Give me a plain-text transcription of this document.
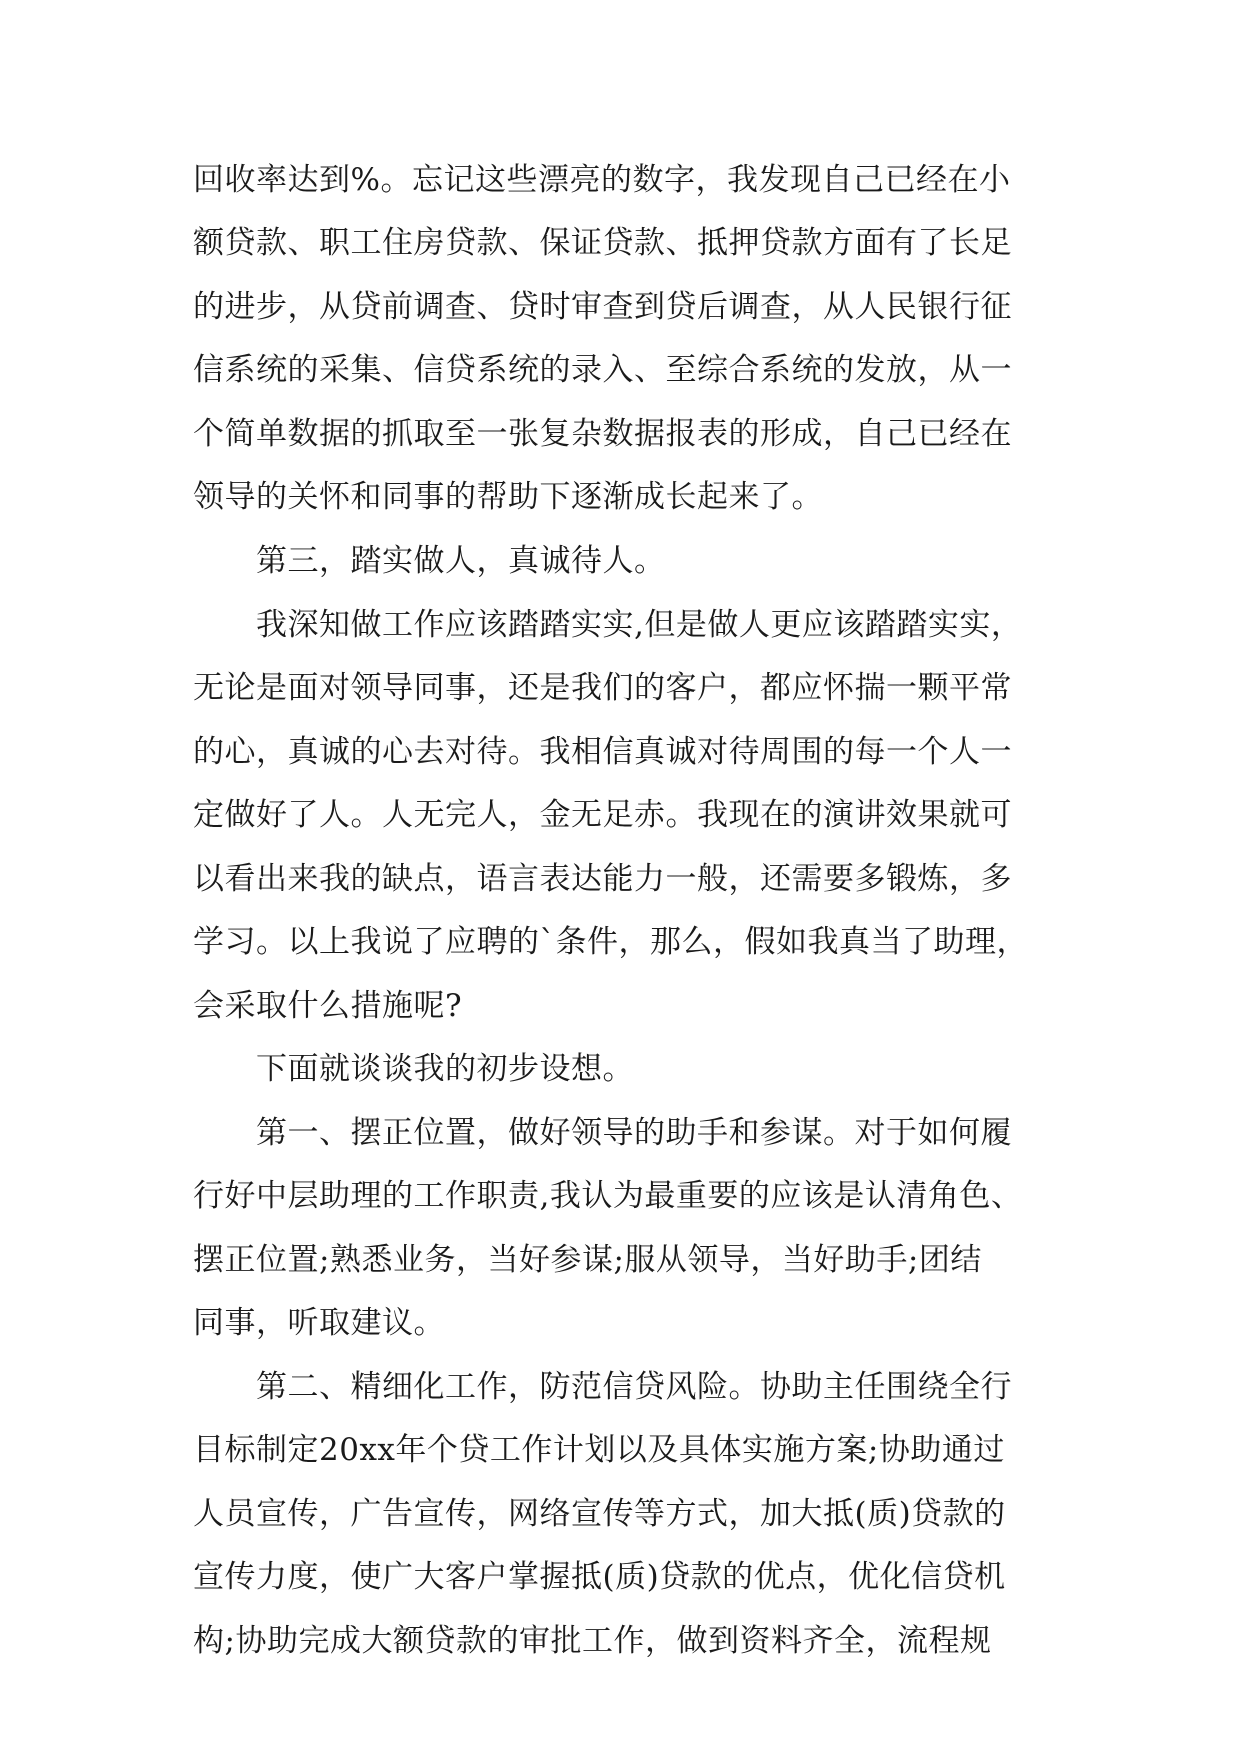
回收率达到%。忘记这些漂亮的数字，我发现自己已经在小
额贷款、职工住房贷款、保证贷款、抵押贷款方面有了长足
的进步，从贷前调查、贷时审查到贷后调查，从人民银行征
信系统的采集、信贷系统的录入、至综合系统的发放，从一
个简单数据的抓取至一张复杂数据报表的形成，自己已经在
领导的关怀和同事的帮助下逐渐成长起来了。
第三，踏实做人，真诚待人。
我深知做工作应该踏踏实实,但是做人更应该踏踏实实，
无论是面对领导同事，还是我们的客户，都应怀揣一颗平常
的心，真诚的心去对待。我相信真诚对待周围的每一个人一
定做好了人。人无完人，金无足赤。我现在的演讲效果就可
以看出来我的缺点，语言表达能力一般，还需要多锻炼，多
学习。以上我说了应聘的`条件，那么，假如我真当了助理，
会采取什么措施呢?
下面就谈谈我的初步设想。
第一、摆正位置，做好领导的助手和参谋。对于如何履
行好中层助理的工作职责,我认为最重要的应该是认清角色、
摆正位置;熟悉业务，当好参谋;服从领导，当好助手;团结
同事，听取建议。
第二、精细化工作，防范信贷风险。协助主任围绕全行
目标制定20xx年个贷工作计划以及具体实施方案;协助通过
人员宣传，广告宣传，网络宣传等方式，加大抵(质)贷款的
宣传力度，使广大客户掌握抵(质)贷款的优点，优化信贷机
构;协助完成大额贷款的审批工作，做到资料齐全，流程规
